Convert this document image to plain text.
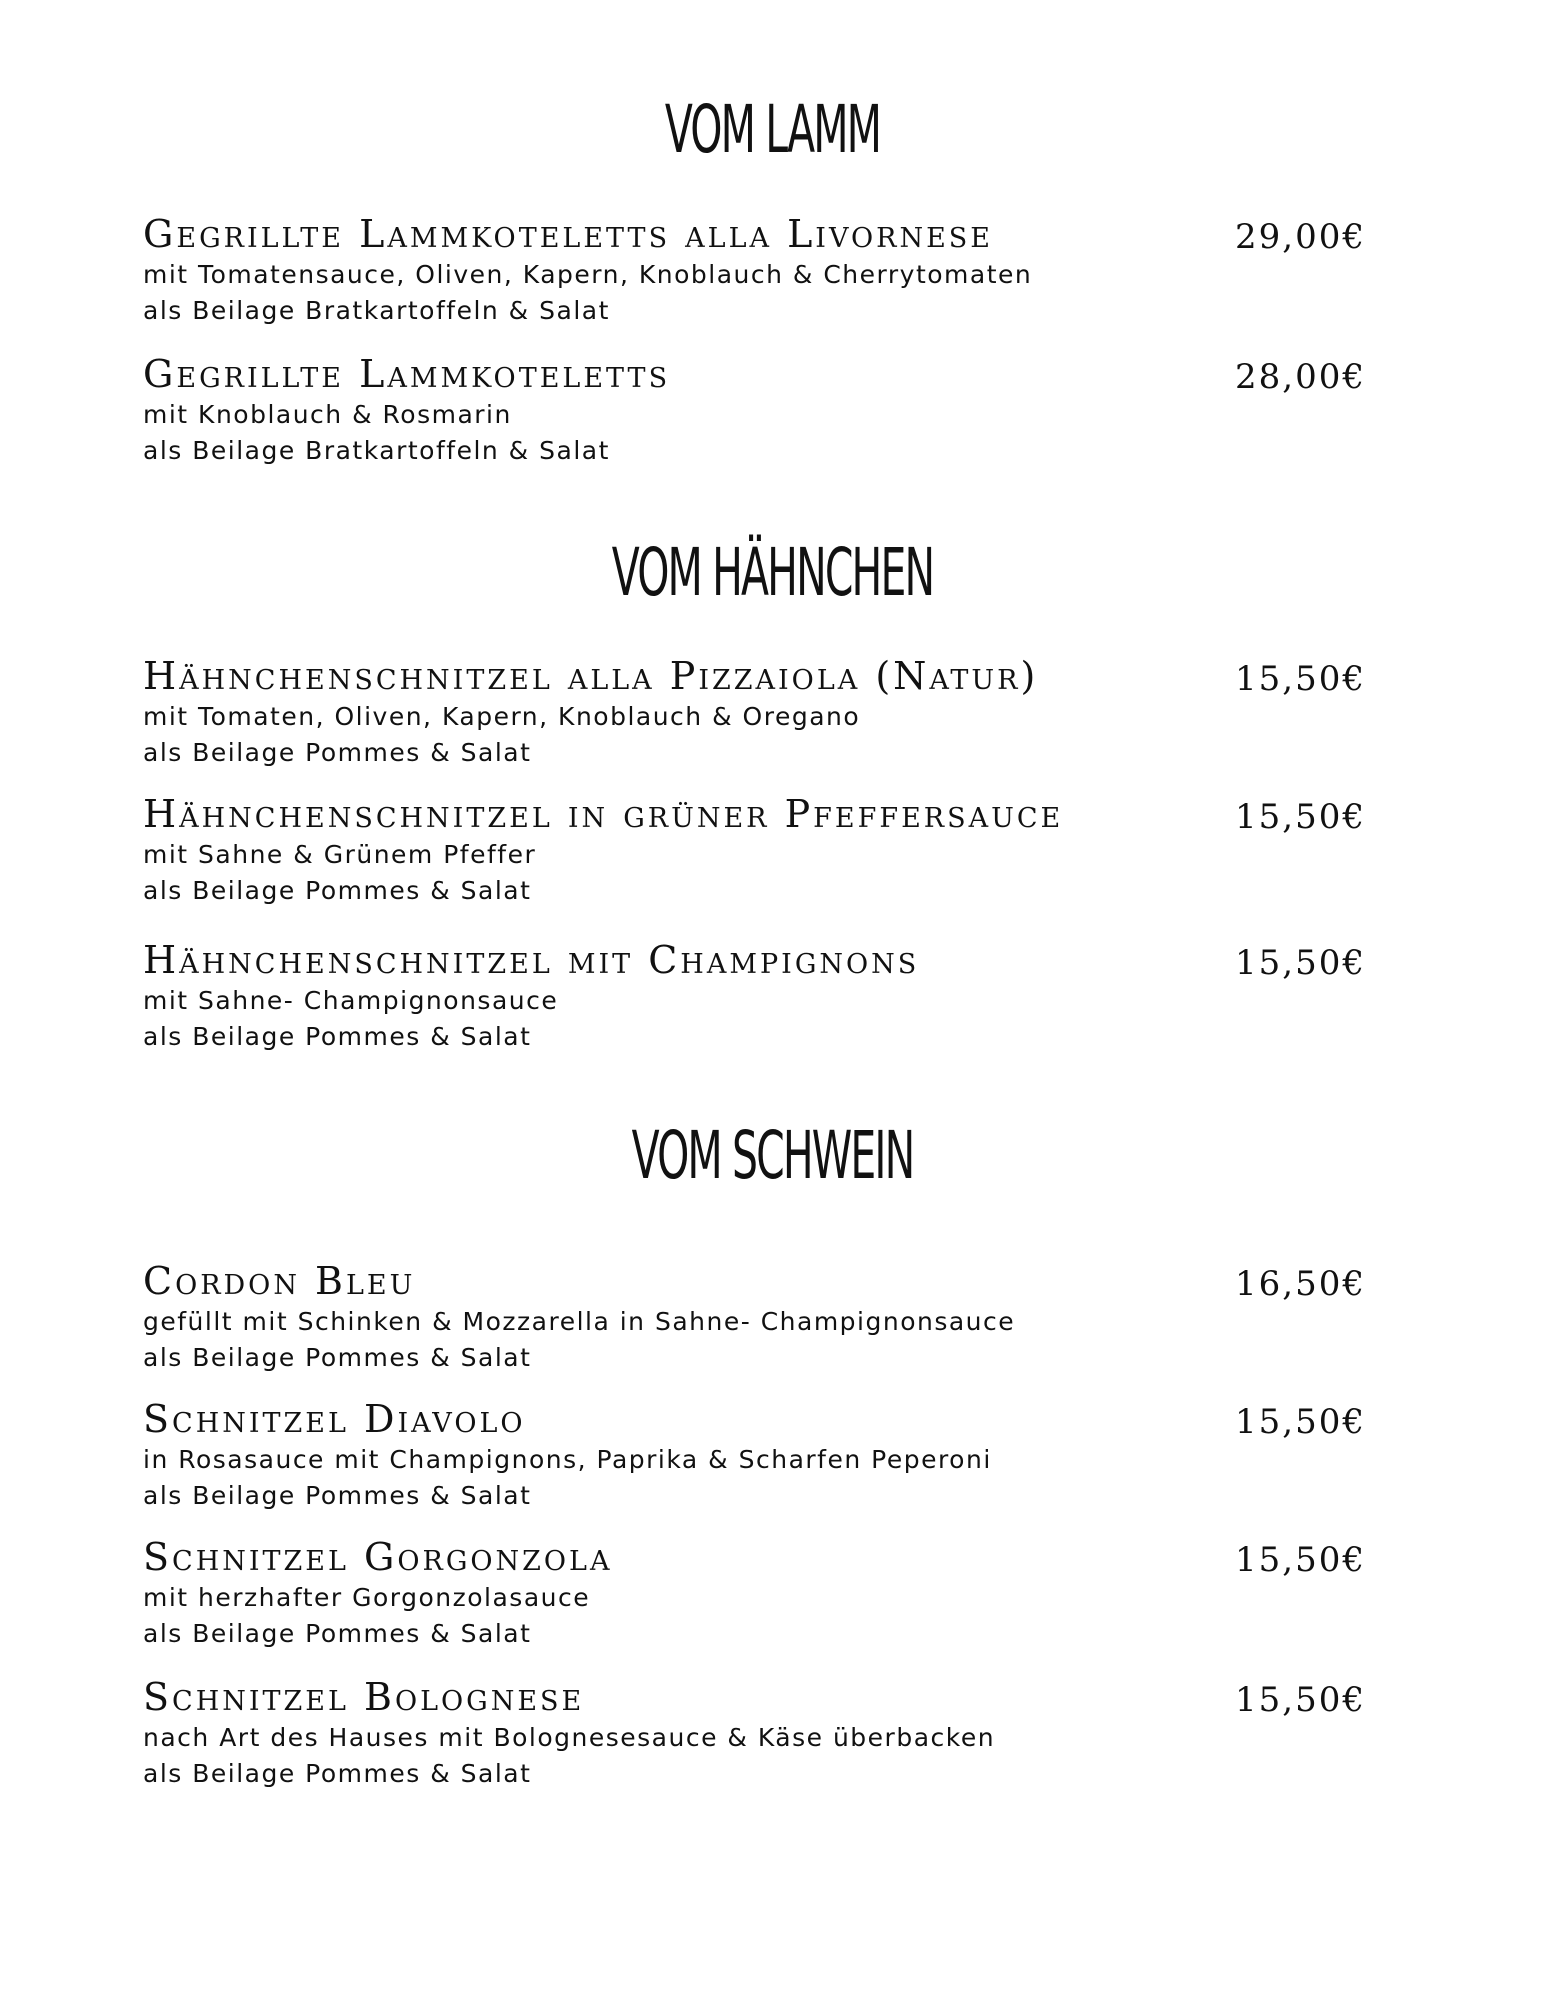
VOM LAMM
Gegrillte Lammkoteletts alla Livornese	29,00€
mit Tomatensauce, Oliven, Kapern, Knoblauch & Cherrytomaten
als Beilage Bratkartoffeln & Salat
Gegrillte Lammkoteletts	28,00€
mit Knoblauch & Rosmarin
als Beilage Bratkartoffeln & Salat
VOM HÄHNCHEN
Hähnchenschnitzel alla Pizzaiola (Natur)	15,50€
mit Tomaten, Oliven, Kapern, Knoblauch & Oregano
als Beilage Pommes & Salat
Hähnchenschnitzel in grüner Pfeffersauce	15,50€
mit Sahne & Grünem Pfeffer
als Beilage Pommes & Salat
Hähnchenschnitzel mit Champignons	15,50€
mit Sahne- Champignonsauce
als Beilage Pommes & Salat
VOM SCHWEIN
Cordon Bleu	16,50€
gefüllt mit Schinken & Mozzarella in Sahne- Champignonsauce
als Beilage Pommes & Salat
Schnitzel Diavolo	15,50€
in Rosasauce mit Champignons, Paprika & Scharfen Peperoni
als Beilage Pommes & Salat
Schnitzel Gorgonzola	15,50€
mit herzhafter Gorgonzolasauce
als Beilage Pommes & Salat
Schnitzel Bolognese	15,50€
nach Art des Hauses mit Bolognesesauce & Käse überbacken
als Beilage Pommes & Salat
